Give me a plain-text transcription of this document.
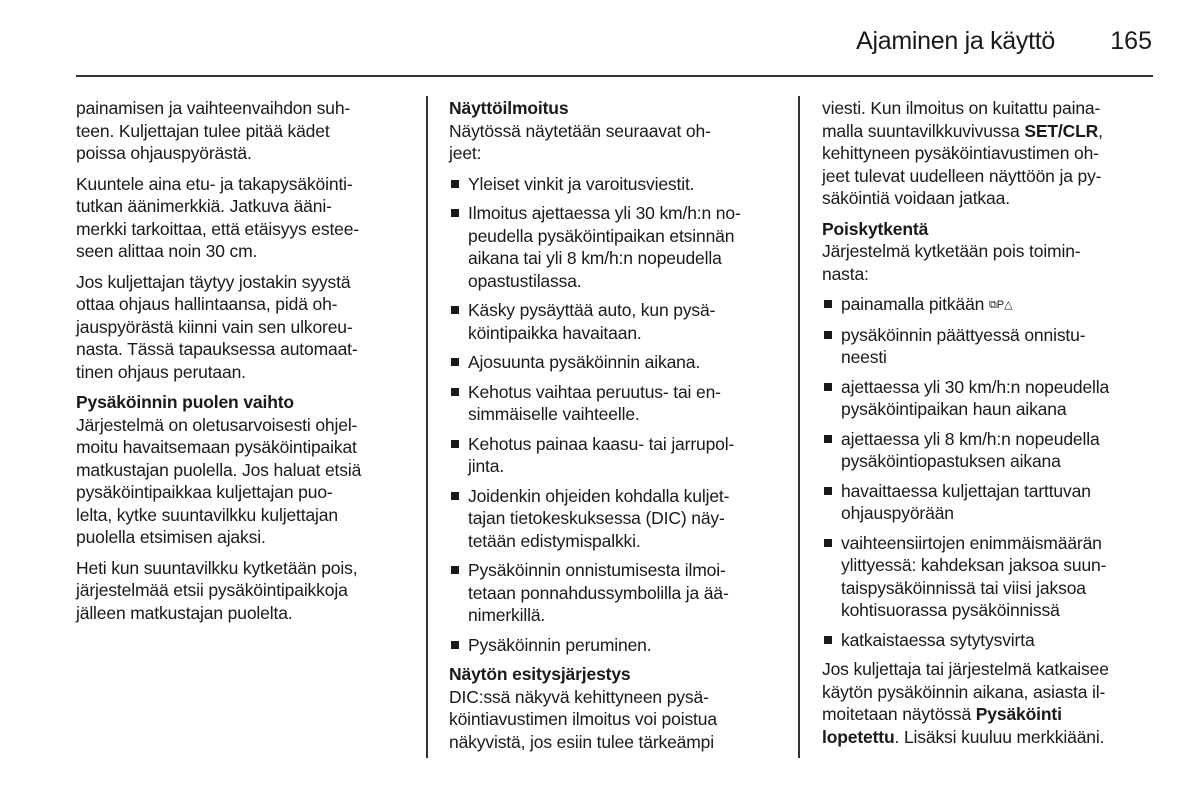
Ajaminen ja käyttö	165

painamisen ja vaihteenvaihdon suh-
teen. Kuljettajan tulee pitää kädet
poissa ohjauspyörästä.

Kuuntele aina etu- ja takapysäköinti-
tutkan äänimerkkiä. Jatkuva ääni-
merkki tarkoittaa, että etäisyys estee-
seen alittaa noin 30 cm.

Jos kuljettajan täytyy jostakin syystä
ottaa ohjaus hallintaansa, pidä oh-
jauspyörästä kiinni vain sen ulkoreu-
nasta. Tässä tapauksessa automaat-
tinen ohjaus perutaan.

Pysäköinnin puolen vaihto

Järjestelmä on oletusarvoisesti ohjel-
moitu havaitsemaan pysäköintipaikat
matkustajan puolella. Jos haluat etsiä
pysäköintipaikkaa kuljettajan puo-
lelta, kytke suuntavilkku kuljettajan
puolella etsimisen ajaksi.

Heti kun suuntavilkku kytketään pois,
järjestelmää etsii pysäköintipaikkoja
jälleen matkustajan puolelta.

Näyttöilmoitus

Näytössä näytetään seuraavat oh-
jeet:

Yleiset vinkit ja varoitusviestit.
Ilmoitus ajettaessa yli 30 km/h:n no-
peudella pysäköintipaikan etsinnän
aikana tai yli 8 km/h:n nopeudella
opastustilassa.
Käsky pysäyttää auto, kun pysä-
köintipaikka havaitaan.
Ajosuunta pysäköinnin aikana.
Kehotus vaihtaa peruutus- tai en-
simmäiselle vaihteelle.
Kehotus painaa kaasu- tai jarrupol-
jinta.
Joidenkin ohjeiden kohdalla kuljet-
tajan tietokeskuksessa (DIC) näy-
tetään edistymispalkki.
Pysäköinnin onnistumisesta ilmoi-
tetaan ponnahdussymbolilla ja ää-
nimerkillä.
Pysäköinnin peruminen.
Näytön esitysjärjestys

DIC:ssä näkyvä kehittyneen pysä-
köintiavustimen ilmoitus voi poistua
näkyvistä, jos esiin tulee tärkeämpi

viesti. Kun ilmoitus on kuitattu paina-
malla suuntavilkkuvivussa SET/CLR,
kehittyneen pysäköintiavustimen oh-
jeet tulevat uudelleen näyttöön ja py-
säköintiä voidaan jatkaa.

Poiskytkentä

Järjestelmä kytketään pois toimin-
nasta:

painamalla pitkään ⧉P△
pysäköinnin päättyessä onnistu-
neesti
ajettaessa yli 30 km/h:n nopeudella
pysäköintipaikan haun aikana
ajettaessa yli 8 km/h:n nopeudella
pysäköintiopastuksen aikana
havaittaessa kuljettajan tarttuvan
ohjauspyörään
vaihteensiirtojen enimmäismäärän
ylittyessä: kahdeksan jaksoa suun-
taispysäköinnissä tai viisi jaksoa
kohtisuorassa pysäköinnissä
katkaistaessa sytytysvirta

Jos kuljettaja tai järjestelmä katkaisee
käytön pysäköinnin aikana, asiasta il-
moitetaan näytössä Pysäköinti
lopetettu. Lisäksi kuuluu merkkiääni.
